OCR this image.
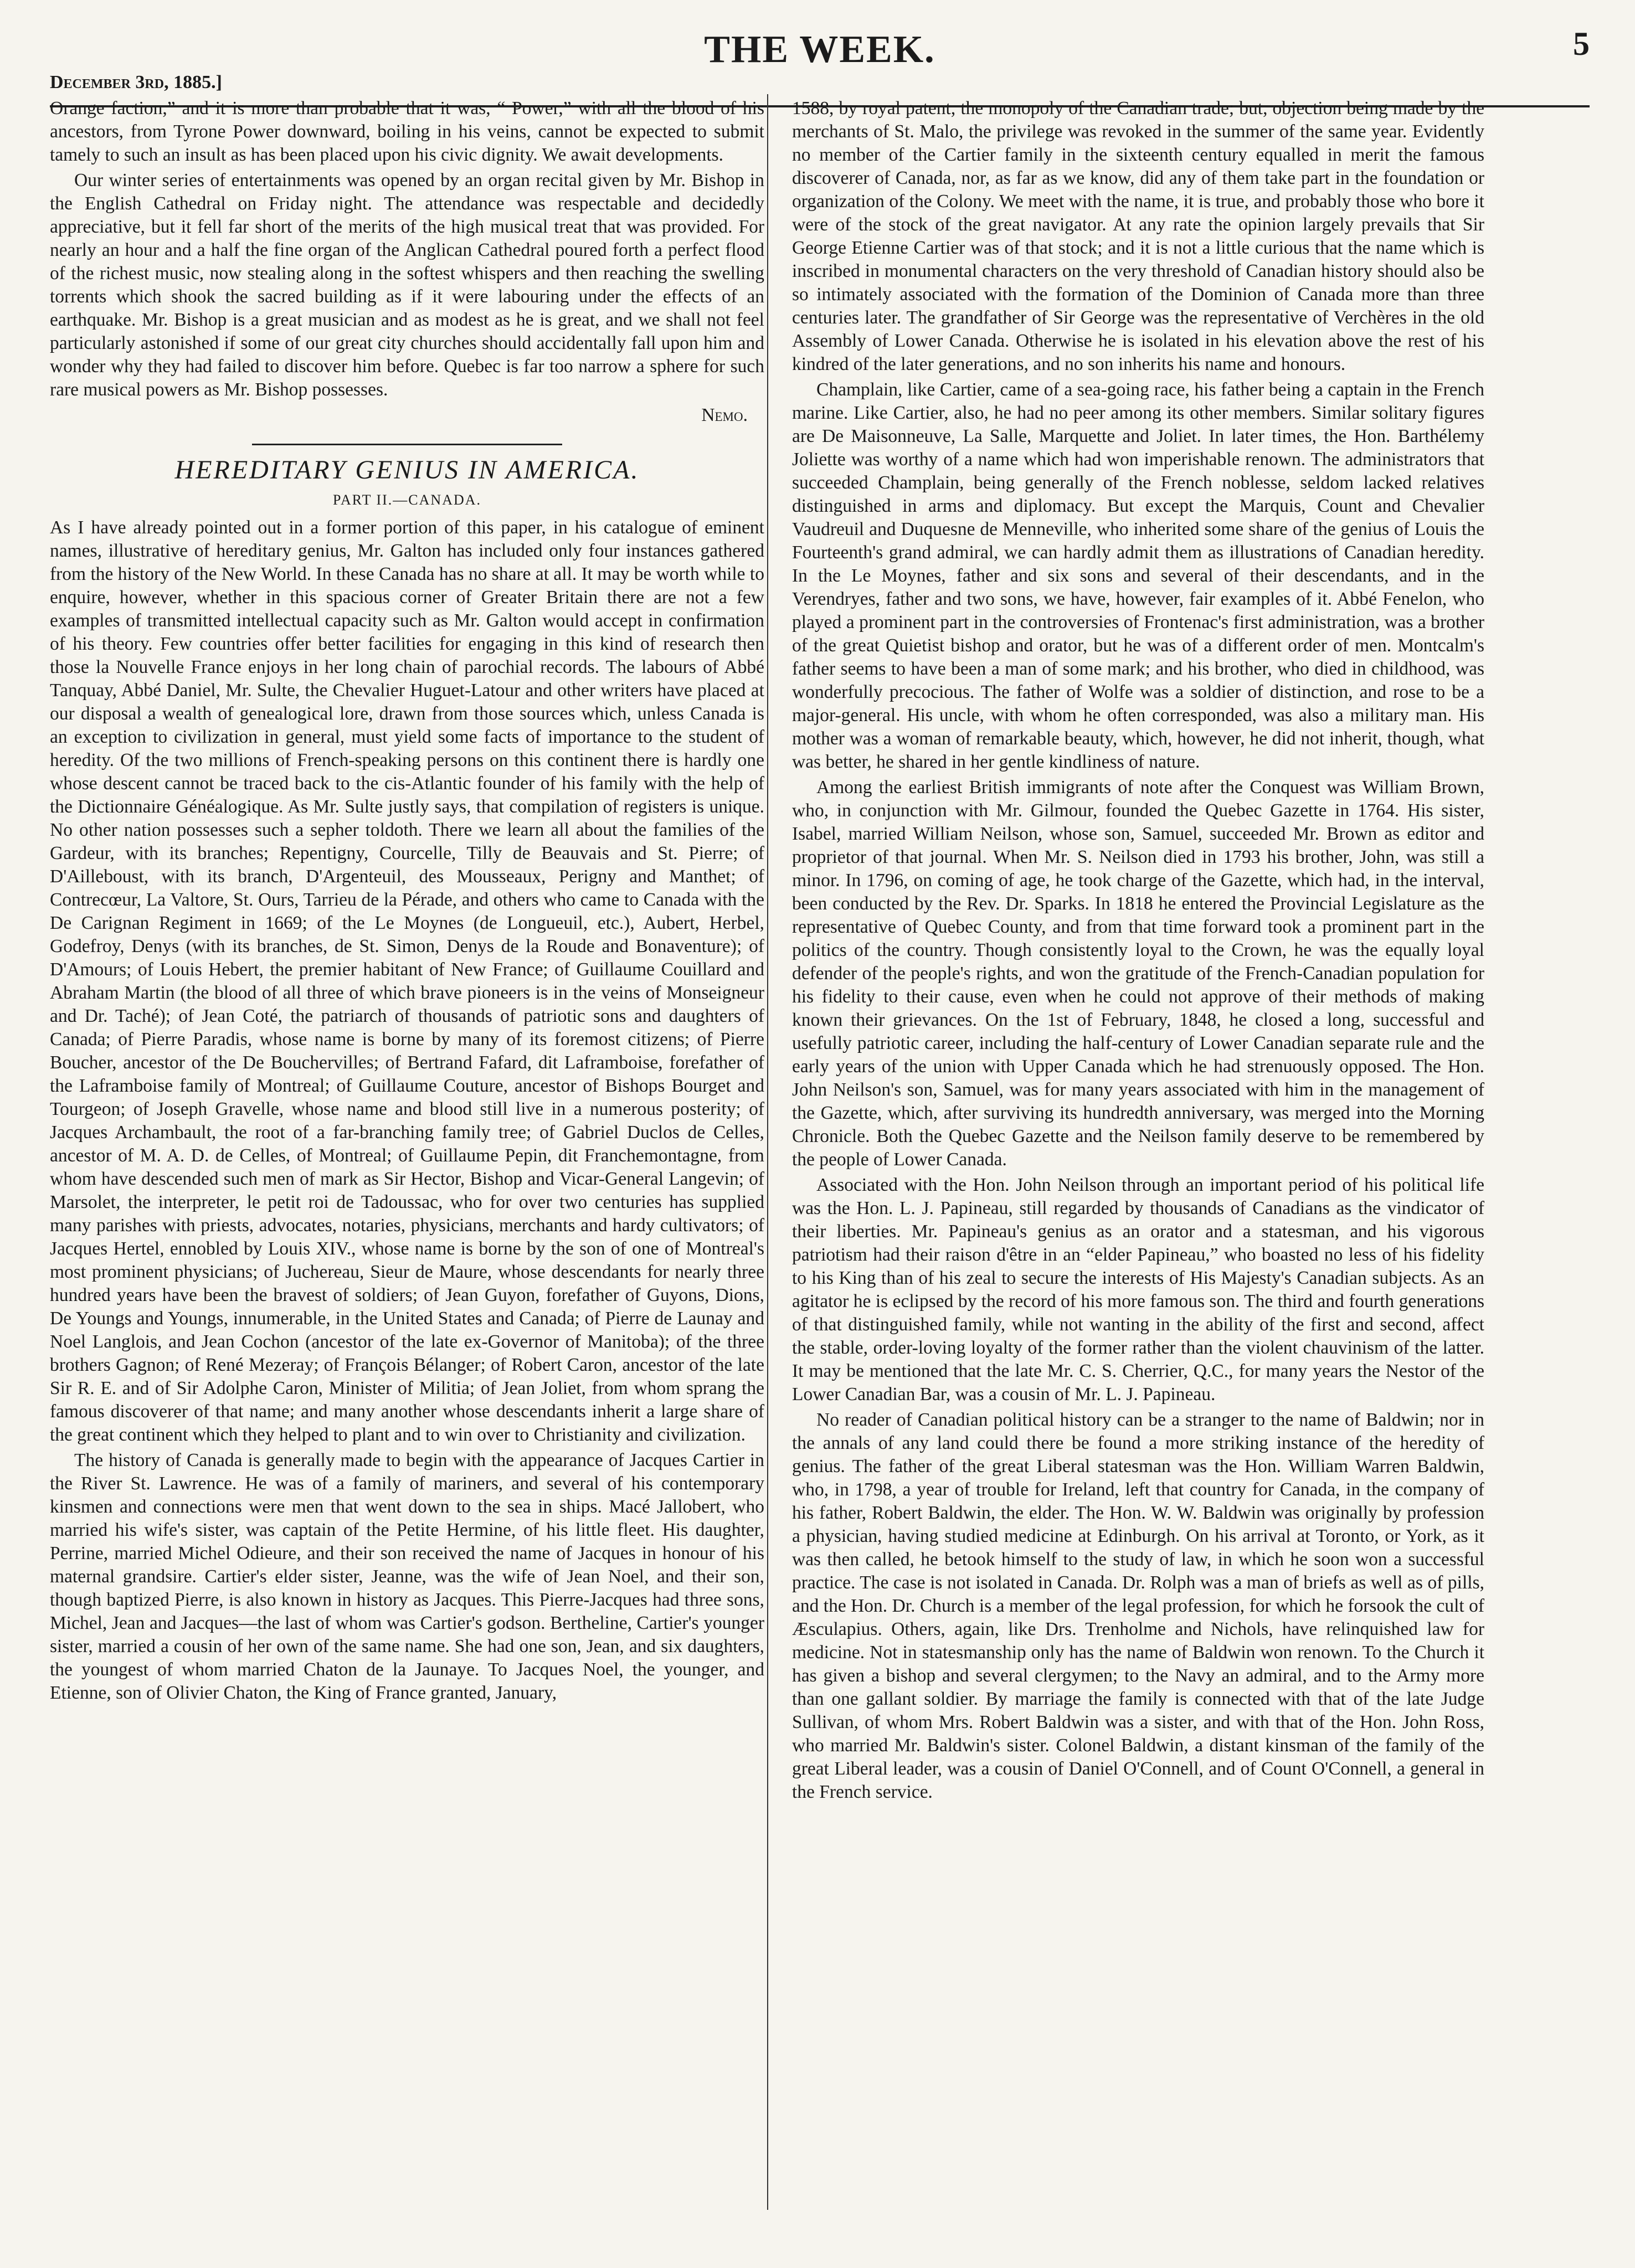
THE WEEK.
December 3rd, 1885.]
5

Orange faction,” and it is more than probable that it was, “ Power,” with all the blood of his ancestors, from Tyrone Power downward, boiling in his veins, cannot be expected to submit tamely to such an insult as has been placed upon his civic dignity. We await developments.

Our winter series of entertainments was opened by an organ recital given by Mr. Bishop in the English Cathedral on Friday night. The attendance was respectable and decidedly appreciative, but it fell far short of the merits of the high musical treat that was provided. For nearly an hour and a half the fine organ of the Anglican Cathedral poured forth a perfect flood of the richest music, now stealing along in the softest whispers and then reaching the swelling torrents which shook the sacred building as if it were labouring under the effects of an earthquake. Mr. Bishop is a great musician and as modest as he is great, and we shall not feel particularly astonished if some of our great city churches should accidentally fall upon him and wonder why they had failed to discover him before. Quebec is far too narrow a sphere for such rare musical powers as Mr. Bishop possesses.

Nemo.
HEREDITARY GENIUS IN AMERICA.
PART II.—CANADA.

As I have already pointed out in a former portion of this paper, in his catalogue of eminent names, illustrative of hereditary genius, Mr. Galton has included only four instances gathered from the history of the New World. In these Canada has no share at all. It may be worth while to enquire, however, whether in this spacious corner of Greater Britain there are not a few examples of transmitted intellectual capacity such as Mr. Galton would accept in confirmation of his theory. Few countries offer better facilities for engaging in this kind of research then those la Nouvelle France enjoys in her long chain of parochial records. The labours of Abbé Tanquay, Abbé Daniel, Mr. Sulte, the Chevalier Huguet-Latour and other writers have placed at our disposal a wealth of genealogical lore, drawn from those sources which, unless Canada is an exception to civilization in general, must yield some facts of importance to the student of heredity. Of the two millions of French-speaking persons on this continent there is hardly one whose descent cannot be traced back to the cis-Atlantic founder of his family with the help of the Dictionnaire Généalogique. As Mr. Sulte justly says, that compilation of registers is unique. No other nation possesses such a sepher toldoth. There we learn all about the families of the Gardeur, with its branches; Repentigny, Courcelle, Tilly de Beauvais and St. Pierre; of D'Ailleboust, with its branch, D'Argenteuil, des Mousseaux, Perigny and Manthet; of Contrecœur, La Valtore, St. Ours, Tarrieu de la Pérade, and others who came to Canada with the De Carignan Regiment in 1669; of the Le Moynes (de Longueuil, etc.), Aubert, Herbel, Godefroy, Denys (with its branches, de St. Simon, Denys de la Roude and Bonaventure); of D'Amours; of Louis Hebert, the premier habitant of New France; of Guillaume Couillard and Abraham Martin (the blood of all three of which brave pioneers is in the veins of Monseigneur and Dr. Taché); of Jean Coté, the patriarch of thousands of patriotic sons and daughters of Canada; of Pierre Paradis, whose name is borne by many of its foremost citizens; of Pierre Boucher, ancestor of the De Bouchervilles; of Bertrand Fafard, dit Laframboise, forefather of the Laframboise family of Montreal; of Guillaume Couture, ancestor of Bishops Bourget and Tourgeon; of Joseph Gravelle, whose name and blood still live in a numerous posterity; of Jacques Archambault, the root of a far-branching family tree; of Gabriel Duclos de Celles, ancestor of M. A. D. de Celles, of Montreal; of Guillaume Pepin, dit Franchemontagne, from whom have descended such men of mark as Sir Hector, Bishop and Vicar-General Langevin; of Marsolet, the interpreter, le petit roi de Tadoussac, who for over two centuries has supplied many parishes with priests, advocates, notaries, physicians, merchants and hardy cultivators; of Jacques Hertel, ennobled by Louis XIV., whose name is borne by the son of one of Montreal's most prominent physicians; of Juchereau, Sieur de Maure, whose descendants for nearly three hundred years have been the bravest of soldiers; of Jean Guyon, forefather of Guyons, Dions, De Youngs and Youngs, innumerable, in the United States and Canada; of Pierre de Launay and Noel Langlois, and Jean Cochon (ancestor of the late ex-Governor of Manitoba); of the three brothers Gagnon; of René Mezeray; of François Bélanger; of Robert Caron, ancestor of the late Sir R. E. and of Sir Adolphe Caron, Minister of Militia; of Jean Joliet, from whom sprang the famous discoverer of that name; and many another whose descendants inherit a large share of the great continent which they helped to plant and to win over to Christianity and civilization.

The history of Canada is generally made to begin with the appearance of Jacques Cartier in the River St. Lawrence. He was of a family of mariners, and several of his contemporary kinsmen and connections were men that went down to the sea in ships. Macé Jallobert, who married his wife's sister, was captain of the Petite Hermine, of his little fleet. His daughter, Perrine, married Michel Odieure, and their son received the name of Jacques in honour of his maternal grandsire. Cartier's elder sister, Jeanne, was the wife of Jean Noel, and their son, though baptized Pierre, is also known in history as Jacques. This Pierre-Jacques had three sons, Michel, Jean and Jacques—the last of whom was Cartier's godson. Bertheline, Cartier's younger sister, married a cousin of her own of the same name. She had one son, Jean, and six daughters, the youngest of whom married Chaton de la Jaunaye. To Jacques Noel, the younger, and Etienne, son of Olivier Chaton, the King of France granted, January,

1588, by royal patent, the monopoly of the Canadian trade; but, objection being made by the merchants of St. Malo, the privilege was revoked in the summer of the same year. Evidently no member of the Cartier family in the sixteenth century equalled in merit the famous discoverer of Canada, nor, as far as we know, did any of them take part in the foundation or organization of the Colony. We meet with the name, it is true, and probably those who bore it were of the stock of the great navigator. At any rate the opinion largely prevails that Sir George Etienne Cartier was of that stock; and it is not a little curious that the name which is inscribed in monumental characters on the very threshold of Canadian history should also be so intimately associated with the formation of the Dominion of Canada more than three centuries later. The grandfather of Sir George was the representative of Verchères in the old Assembly of Lower Canada. Otherwise he is isolated in his elevation above the rest of his kindred of the later generations, and no son inherits his name and honours.

Champlain, like Cartier, came of a sea-going race, his father being a captain in the French marine. Like Cartier, also, he had no peer among its other members. Similar solitary figures are De Maisonneuve, La Salle, Marquette and Joliet. In later times, the Hon. Barthélemy Joliette was worthy of a name which had won imperishable renown. The administrators that succeeded Champlain, being generally of the French noblesse, seldom lacked relatives distinguished in arms and diplomacy. But except the Marquis, Count and Chevalier Vaudreuil and Duquesne de Menneville, who inherited some share of the genius of Louis the Fourteenth's grand admiral, we can hardly admit them as illustrations of Canadian heredity. In the Le Moynes, father and six sons and several of their descendants, and in the Verendryes, father and two sons, we have, however, fair examples of it. Abbé Fenelon, who played a prominent part in the controversies of Frontenac's first administration, was a brother of the great Quietist bishop and orator, but he was of a different order of men. Montcalm's father seems to have been a man of some mark; and his brother, who died in childhood, was wonderfully precocious. The father of Wolfe was a soldier of distinction, and rose to be a major-general. His uncle, with whom he often corresponded, was also a military man. His mother was a woman of remarkable beauty, which, however, he did not inherit, though, what was better, he shared in her gentle kindliness of nature.

Among the earliest British immigrants of note after the Conquest was William Brown, who, in conjunction with Mr. Gilmour, founded the Quebec Gazette in 1764. His sister, Isabel, married William Neilson, whose son, Samuel, succeeded Mr. Brown as editor and proprietor of that journal. When Mr. S. Neilson died in 1793 his brother, John, was still a minor. In 1796, on coming of age, he took charge of the Gazette, which had, in the interval, been conducted by the Rev. Dr. Sparks. In 1818 he entered the Provincial Legislature as the representative of Quebec County, and from that time forward took a prominent part in the politics of the country. Though consistently loyal to the Crown, he was the equally loyal defender of the people's rights, and won the gratitude of the French-Canadian population for his fidelity to their cause, even when he could not approve of their methods of making known their grievances. On the 1st of February, 1848, he closed a long, successful and usefully patriotic career, including the half-century of Lower Canadian separate rule and the early years of the union with Upper Canada which he had strenuously opposed. The Hon. John Neilson's son, Samuel, was for many years associated with him in the management of the Gazette, which, after surviving its hundredth anniversary, was merged into the Morning Chronicle. Both the Quebec Gazette and the Neilson family deserve to be remembered by the people of Lower Canada.

Associated with the Hon. John Neilson through an important period of his political life was the Hon. L. J. Papineau, still regarded by thousands of Canadians as the vindicator of their liberties. Mr. Papineau's genius as an orator and a statesman, and his vigorous patriotism had their raison d'être in an “elder Papineau,” who boasted no less of his fidelity to his King than of his zeal to secure the interests of His Majesty's Canadian subjects. As an agitator he is eclipsed by the record of his more famous son. The third and fourth generations of that distinguished family, while not wanting in the ability of the first and second, affect the stable, order-loving loyalty of the former rather than the violent chauvinism of the latter. It may be mentioned that the late Mr. C. S. Cherrier, Q.C., for many years the Nestor of the Lower Canadian Bar, was a cousin of Mr. L. J. Papineau.

No reader of Canadian political history can be a stranger to the name of Baldwin; nor in the annals of any land could there be found a more striking instance of the heredity of genius. The father of the great Liberal statesman was the Hon. William Warren Baldwin, who, in 1798, a year of trouble for Ireland, left that country for Canada, in the company of his father, Robert Baldwin, the elder. The Hon. W. W. Baldwin was originally by profession a physician, having studied medicine at Edinburgh. On his arrival at Toronto, or York, as it was then called, he betook himself to the study of law, in which he soon won a successful practice. The case is not isolated in Canada. Dr. Rolph was a man of briefs as well as of pills, and the Hon. Dr. Church is a member of the legal profession, for which he forsook the cult of Æsculapius. Others, again, like Drs. Trenholme and Nichols, have relinquished law for medicine. Not in statesmanship only has the name of Baldwin won renown. To the Church it has given a bishop and several clergymen; to the Navy an admiral, and to the Army more than one gallant soldier. By marriage the family is connected with that of the late Judge Sullivan, of whom Mrs. Robert Baldwin was a sister, and with that of the Hon. John Ross, who married Mr. Baldwin's sister. Colonel Baldwin, a distant kinsman of the family of the great Liberal leader, was a cousin of Daniel O'Connell, and of Count O'Connell, a general in the French service.
